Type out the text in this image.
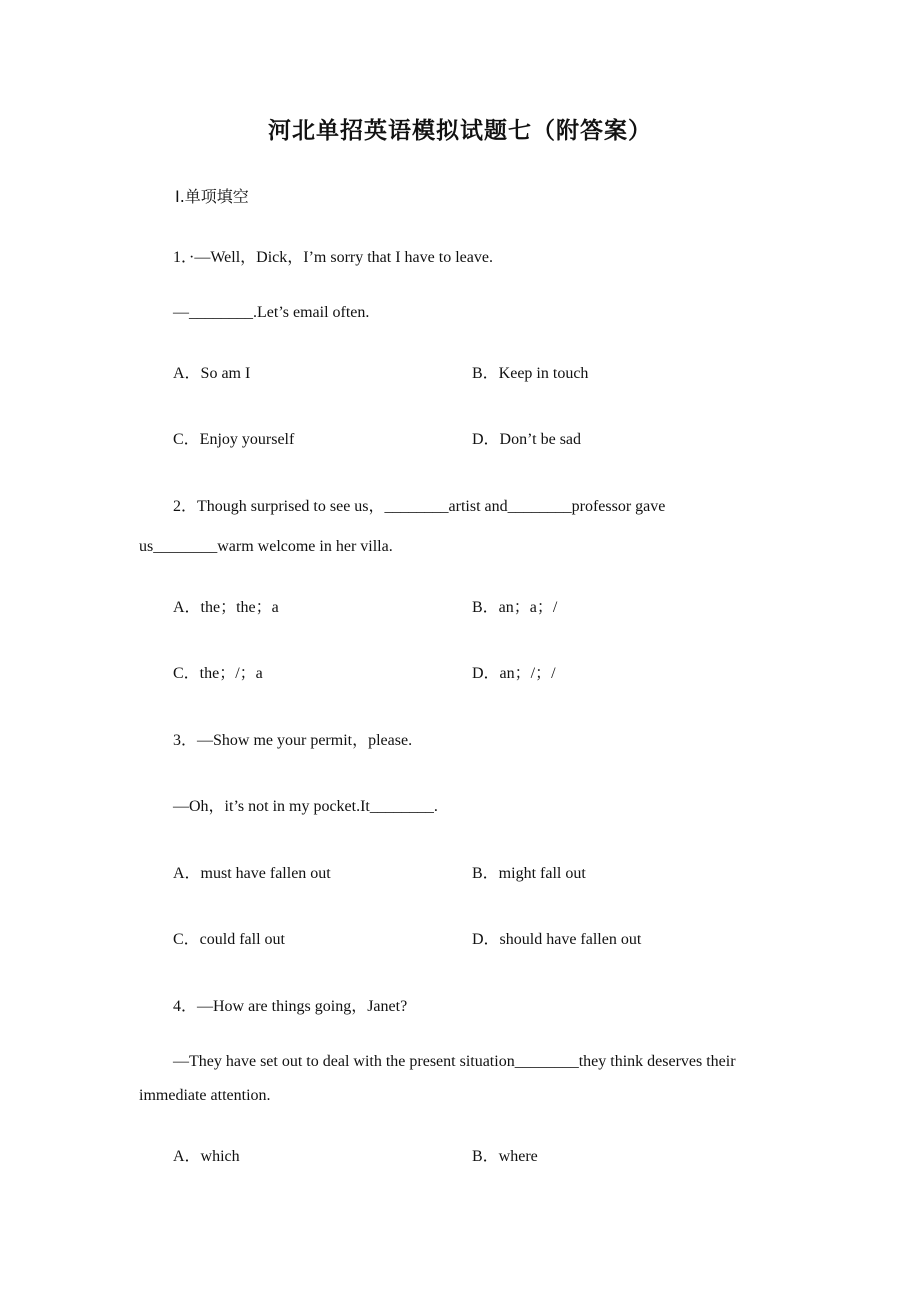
河北单招英语模拟试题七（附答案）
Ⅰ.单项填空
1．·—Well，Dick，I’m sorry that I have to leave.
—________.Let’s email often.
A．So am I	B．Keep in touch
C．Enjoy yourself	D．Don’t be sad
2．Though surprised to see us，________artist and________professor gave
us________warm welcome in her villa.
A．the；the；a	B．an；a；/
C．the；/；a	D．an；/；/
3．—Show me your permit，please.
—Oh，it’s not in my pocket.It________.
A．must have fallen out	B．might fall out
C．could fall out	D．should have fallen out
4．—How are things going，Janet?
—They have set out to deal with the present situation________they think deserves their
immediate attention.
A．which	B．where
